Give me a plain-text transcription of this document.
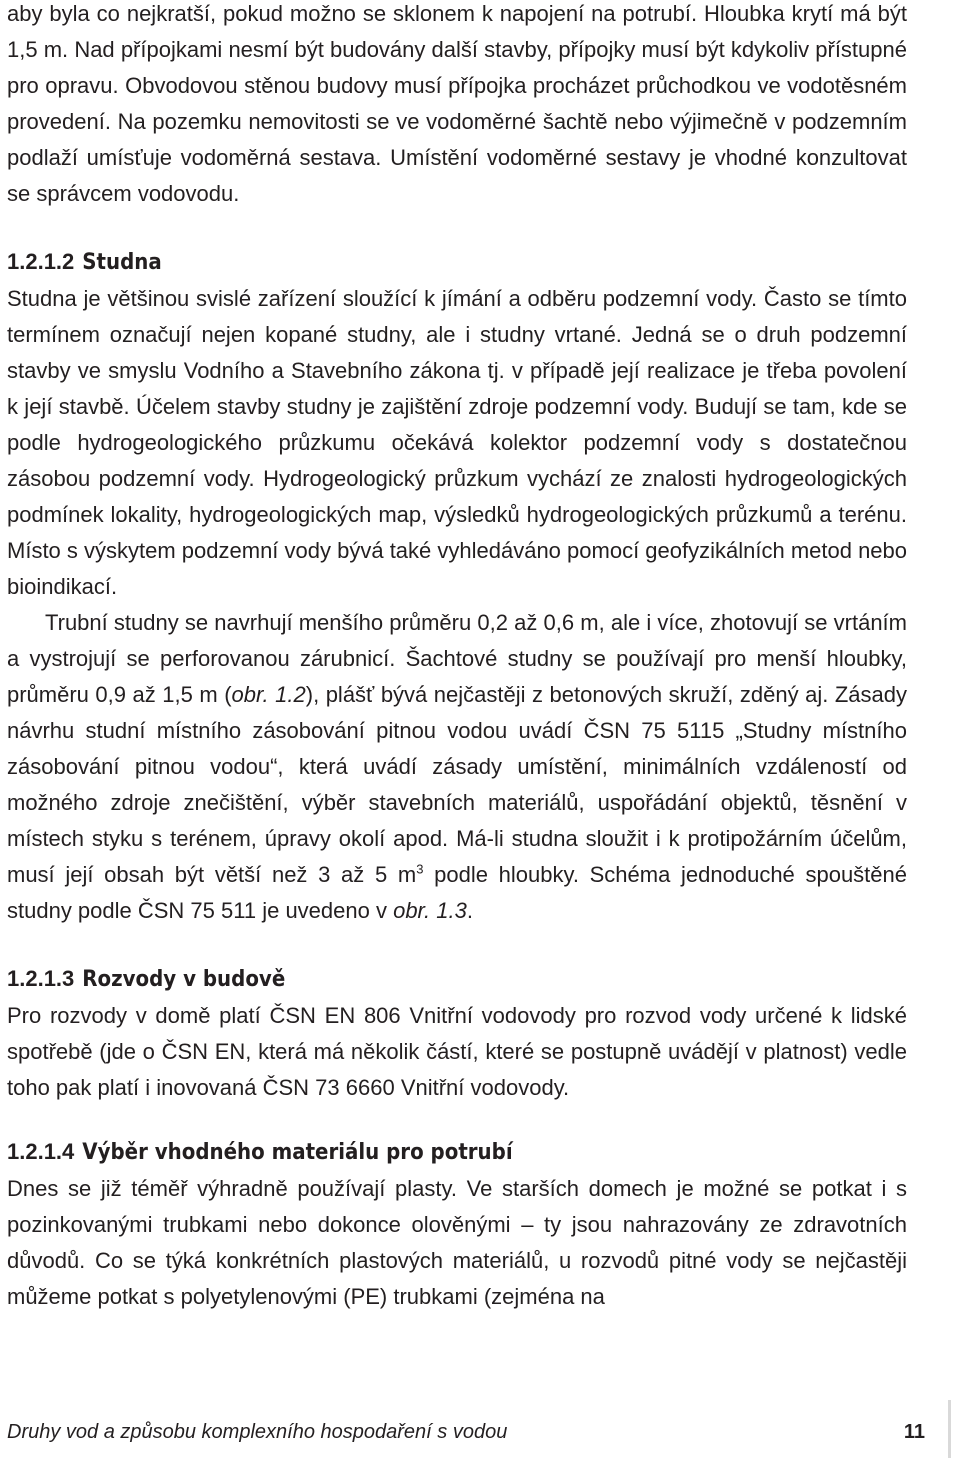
aby byla co nejkratší, pokud možno se sklonem k napojení na potrubí. Hloubka krytí má být 1,5 m. Nad přípojkami nesmí být budovány další stavby, přípojky musí být kdykoliv přístupné pro opravu. Obvodovou stěnou budovy musí přípojka procházet průchodkou ve vodotěsném provedení. Na pozemku nemovitosti se ve vodoměrné šachtě nebo výjimečně v podzemním podlaží umísťuje vodoměrná sestava. Umístění vodoměrné sestavy je vhodné konzultovat se správcem vodovodu.

1.2.1.2 Studna

Studna je většinou svislé zařízení sloužící k jímání a odběru podzemní vody. Často se tímto termínem označují nejen kopané studny, ale i studny vrtané. Jedná se o druh podzemní stavby ve smyslu Vodního a Stavebního zákona tj. v případě její realizace je třeba povolení k její stavbě. Účelem stavby studny je zajištění zdroje podzemní vody. Budují se tam, kde se podle hydrogeologického průzkumu očekává kolektor podzemní vody s dostatečnou zásobou podzemní vody. Hydrogeologický průzkum vychází ze znalosti hydrogeologických podmínek lokality, hydrogeologických map, výsledků hydrogeologických průzkumů a terénu. Místo s výskytem podzemní vody bývá také vyhledáváno pomocí geofyzikálních metod nebo bioindikací.

Trubní studny se navrhují menšího průměru 0,2 až 0,6 m, ale i více, zhotovují se vrtáním a vystrojují se perforovanou zárubnicí. Šachtové studny se používají pro menší hloubky, průměru 0,9 až 1,5 m (obr. 1.2), plášť bývá nejčastěji z betonových skruží, zděný aj. Zásady návrhu studní místního zásobování pitnou vodou uvádí ČSN 75 5115 „Studny místního zásobování pitnou vodou“, která uvádí zásady umístění, minimálních vzdáleností od možného zdroje znečištění, výběr stavebních materiálů, uspořádání objektů, těsnění v místech styku s terénem, úpravy okolí apod. Má-li studna sloužit i k protipožárním účelům, musí její obsah být větší než 3 až 5 $m^3$ podle hloubky. Schéma jednoduché spouštěné studny podle ČSN 75 511 je uvedeno v obr. 1.3.

1.2.1.3 Rozvody v budově

Pro rozvody v domě platí ČSN EN 806 Vnitřní vodovody pro rozvod vody určené k lidské spotřebě (jde o ČSN EN, která má několik částí, které se postupně uvádějí v platnost) vedle toho pak platí i inovovaná ČSN 73 6660 Vnitřní vodovody.

1.2.1.4 Výběr vhodného materiálu pro potrubí

Dnes se již téměř výhradně používají plasty. Ve starších domech je možné se potkat i s pozinkovanými trubkami nebo dokonce olověnými – ty jsou nahrazovány ze zdravotních důvodů. Co se týká konkrétních plastových materiálů, u rozvodů pitné vody se nejčastěji můžeme potkat s polyetylenovými (PE) trubkami (zejména na

Druhy vod a způsobu komplexního hospodaření s vodou	11
